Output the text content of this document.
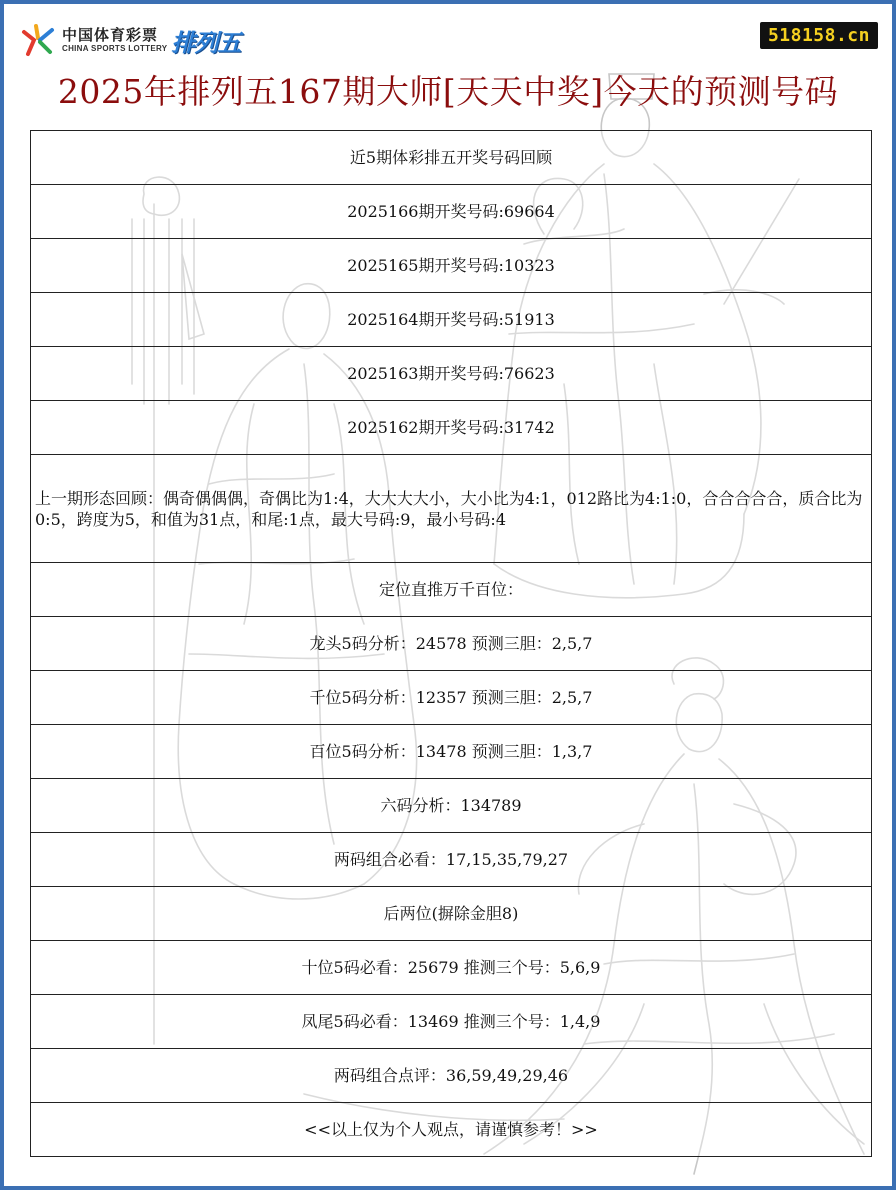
中国体育彩票
CHINA SPORTS LOTTERY 排列五	518158.cn
2025年排列五167期大师[天天中奖]今天的预测号码
近5期体彩排五开奖号码回顾
2025166期开奖号码:69664
2025165期开奖号码:10323
2025164期开奖号码:51913
2025163期开奖号码:76623
2025162期开奖号码:31742
上一期形态回顾：偶奇偶偶偶，奇偶比为1:4，大大大大小，大小比为4:1，012路比为4:1:0，合合合合合，质合比为0:5，跨度为5，和值为31点，和尾:1点，最大号码:9，最小号码:4
定位直推万千百位：
龙头5码分析：24578 预测三胆：2,5,7
千位5码分析：12357 预测三胆：2,5,7
百位5码分析：13478 预测三胆：1,3,7
六码分析：134789
两码组合必看：17,15,35,79,27
后两位(摒除金胆8)
十位5码必看：25679 推测三个号：5,6,9
凤尾5码必看：13469 推测三个号：1,4,9
两码组合点评：36,59,49,29,46
<<以上仅为个人观点，请谨慎参考！>>
